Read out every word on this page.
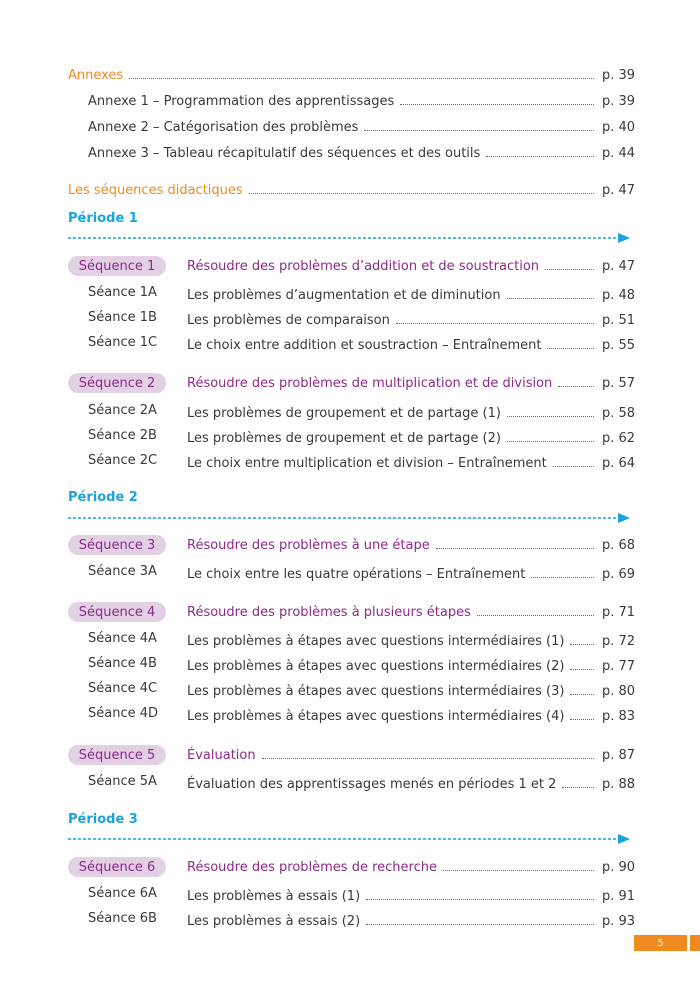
Annexes	p. 39
Annexe 1 – Programmation des apprentissages	p. 39
Annexe 2 – Catégorisation des problèmes	p. 40
Annexe 3 – Tableau récapitulatif des séquences et des outils	p. 44
Les séquences didactiques	p. 47
Période 1
Séquence 1	Résoudre des problèmes d’addition et de soustraction	p. 47
Séance 1A Les problèmes d’augmentation et de diminution	p. 48
Séance 1B Les problèmes de comparaison	p. 51
Séance 1C Le choix entre addition et soustraction – Entraînement	p. 55
Séquence 2	Résoudre des problèmes de multiplication et de division	p. 57
Séance 2A Les problèmes de groupement et de partage (1)	p. 58
Séance 2B Les problèmes de groupement et de partage (2)	p. 62
Séance 2C Le choix entre multiplication et division – Entraînement	p. 64
Période 2
Séquence 3	Résoudre des problèmes à une étape	p. 68
Séance 3A Le choix entre les quatre opérations – Entraînement	p. 69
Séquence 4	Résoudre des problèmes à plusieurs étapes	p. 71
Séance 4A Les problèmes à étapes avec questions intermédiaires (1)	p. 72
Séance 4B Les problèmes à étapes avec questions intermédiaires (2)	p. 77
Séance 4C Les problèmes à étapes avec questions intermédiaires (3)	p. 80
Séance 4D Les problèmes à étapes avec questions intermédiaires (4)	p. 83
Séquence 5	Évaluation	p. 87
Séance 5A Évaluation des apprentissages menés en périodes 1 et 2	p. 88
Période 3
Séquence 6	Résoudre des problèmes de recherche	p. 90
Séance 6A Les problèmes à essais (1)	p. 91
Séance 6B Les problèmes à essais (2)	p. 93
5
